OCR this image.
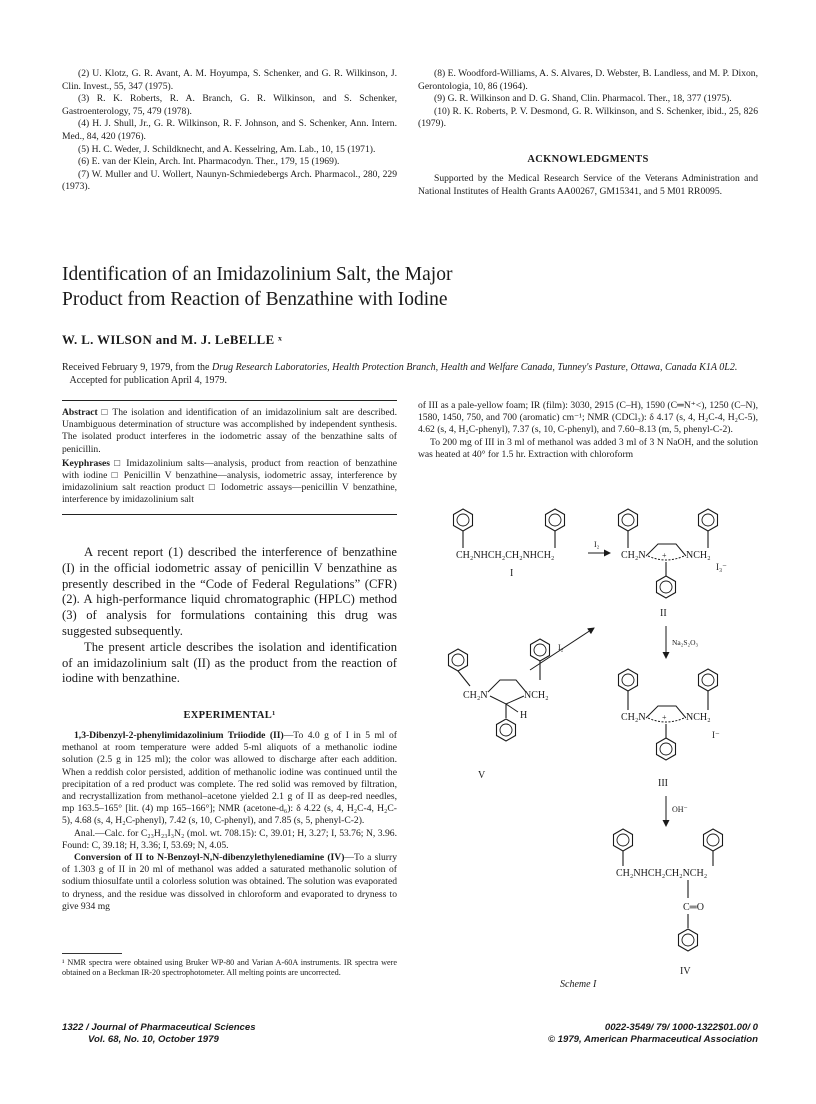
(2) U. Klotz, G. R. Avant, A. M. Hoyumpa, S. Schenker, and G. R. Wilkinson, J. Clin. Invest., 55, 347 (1975).

(3) R. K. Roberts, R. A. Branch, G. R. Wilkinson, and S. Schenker, Gastroenterology, 75, 479 (1978).

(4) H. J. Shull, Jr., G. R. Wilkinson, R. F. Johnson, and S. Schenker, Ann. Intern. Med., 84, 420 (1976).

(5) H. C. Weder, J. Schildknecht, and A. Kesselring, Am. Lab., 10, 15 (1971).

(6) E. van der Klein, Arch. Int. Pharmacodyn. Ther., 179, 15 (1969).

(7) W. Muller and U. Wollert, Naunyn-Schmiedebergs Arch. Pharmacol., 280, 229 (1973).

(8) E. Woodford-Williams, A. S. Alvares, D. Webster, B. Landless, and M. P. Dixon, Gerontologia, 10, 86 (1964).

(9) G. R. Wilkinson and D. G. Shand, Clin. Pharmacol. Ther., 18, 377 (1975).

(10) R. K. Roberts, P. V. Desmond, G. R. Wilkinson, and S. Schenker, ibid., 25, 826 (1979).

ACKNOWLEDGMENTS
Supported by the Medical Research Service of the Veterans Administration and National Institutes of Health Grants AA00267, GM15341, and 5 M01 RR0095.
Identification of an Imidazolinium Salt, the Major
Product from Reaction of Benzathine with Iodine
W. L. WILSON and M. J. LeBELLE ˣ
Received February 9, 1979, from the Drug Research Laboratories, Health Protection Branch, Health and Welfare Canada, Tunney's Pasture, Ottawa, Canada K1A 0L2.    Accepted for publication April 4, 1979.

Abstract □ The isolation and identification of an imidazolinium salt are described. Unambiguous determination of structure was accomplished by independent synthesis. The isolated product interferes in the iodometric assay of the benzathine salts of penicillin.

Keyphrases □ Imidazolinium salts—analysis, product from reaction of benzathine with iodine □ Penicillin V benzathine—analysis, iodometric assay, interference by imidazolinium salt reaction product □ Iodometric assays—penicillin V benzathine, interference by imidazolinium salt

A recent report (1) described the interference of benzathine (I) in the official iodometric assay of penicillin V benzathine as presently described in the “Code of Federal Regulations” (CFR) (2). A high-performance liquid chromatographic (HPLC) method (3) of analysis for formulations containing this drug was suggested subsequently.

The present article describes the isolation and identification of an imidazolinium salt (II) as the product from the reaction of iodine with benzathine.

EXPERIMENTAL¹

1,3-Dibenzyl-2-phenylimidazolinium Triiodide (II)—To 4.0 g of I in 5 ml of methanol at room temperature were added 5-ml aliquots of a methanolic iodine solution (2.5 g in 125 ml); the color was allowed to discharge after each addition. When a reddish color persisted, addition of methanolic iodine was continued until the precipitation of a red product was complete. The red solid was removed by filtration, and recrystallization from methanol–acetone yielded 2.1 g of II as deep-red needles, mp 163.5–165° [lit. (4) mp 165–166°]; NMR (acetone-d₆): δ 4.22 (s, 4, H₂C-4, H₂C-5), 4.68 (s, 4, H₂C-phenyl), 7.42 (s, 10, C-phenyl), and 7.85 (s, 5, phenyl-C-2).

Anal.—Calc. for C₂₃H₂₃I₃N₂ (mol. wt. 708.15): C, 39.01; H, 3.27; I, 53.76; N, 3.96. Found: C, 39.18; H, 3.36; I, 53.69; N, 4.05.

Conversion of II to N-Benzoyl-N,N-dibenzylethylenediamine (IV)—To a slurry of 1.303 g of II in 20 ml of methanol was added a saturated methanolic solution of sodium thiosulfate until a colorless solution was obtained. The solution was evaporated to dryness, and the residue was dissolved in chloroform and evaporated to dryness to give 934 mg

¹ NMR spectra were obtained using Bruker WP-80 and Varian A-60A instruments. IR spectra were obtained on a Beckman IR-20 spectrophotometer. All melting points are uncorrected.

of III as a pale-yellow foam; IR (film): 3030, 2915 (C–H), 1590 (C═N⁺<), 1250 (C–N), 1580, 1450, 750, and 700 (aromatic) cm⁻¹; NMR (CDCl₃): δ 4.17 (s, 4, H₂C-4, H₂C-5), 4.62 (s, 4, H₂C-phenyl), 7.37 (s, 10, C-phenyl), and 7.60–8.13 (m, 5, phenyl-C-2).

To 200 mg of III in 3 ml of methanol was added 3 ml of 3 N NaOH, and the solution was heated at 40° for 1.5 hr. Extraction with chloroform

CH₂NHCH₂CH₂NHCH₂
I
I₂
CH₂N	NCH₂
+
I₃⁻
II
I₂
Na₂S₂O₃
CH₂N	NCH₂
H
V
CH₂N	NCH₂
+
I⁻
III
OH⁻
CH₂NHCH₂CH₂NCH₂
C═O
IV
Scheme I
1322 / Journal of Pharmaceutical Sciences
Vol. 68, No. 10, October 1979
0022-3549/ 79/ 1000-1322$01.00/ 0
© 1979, American Pharmaceutical Association
